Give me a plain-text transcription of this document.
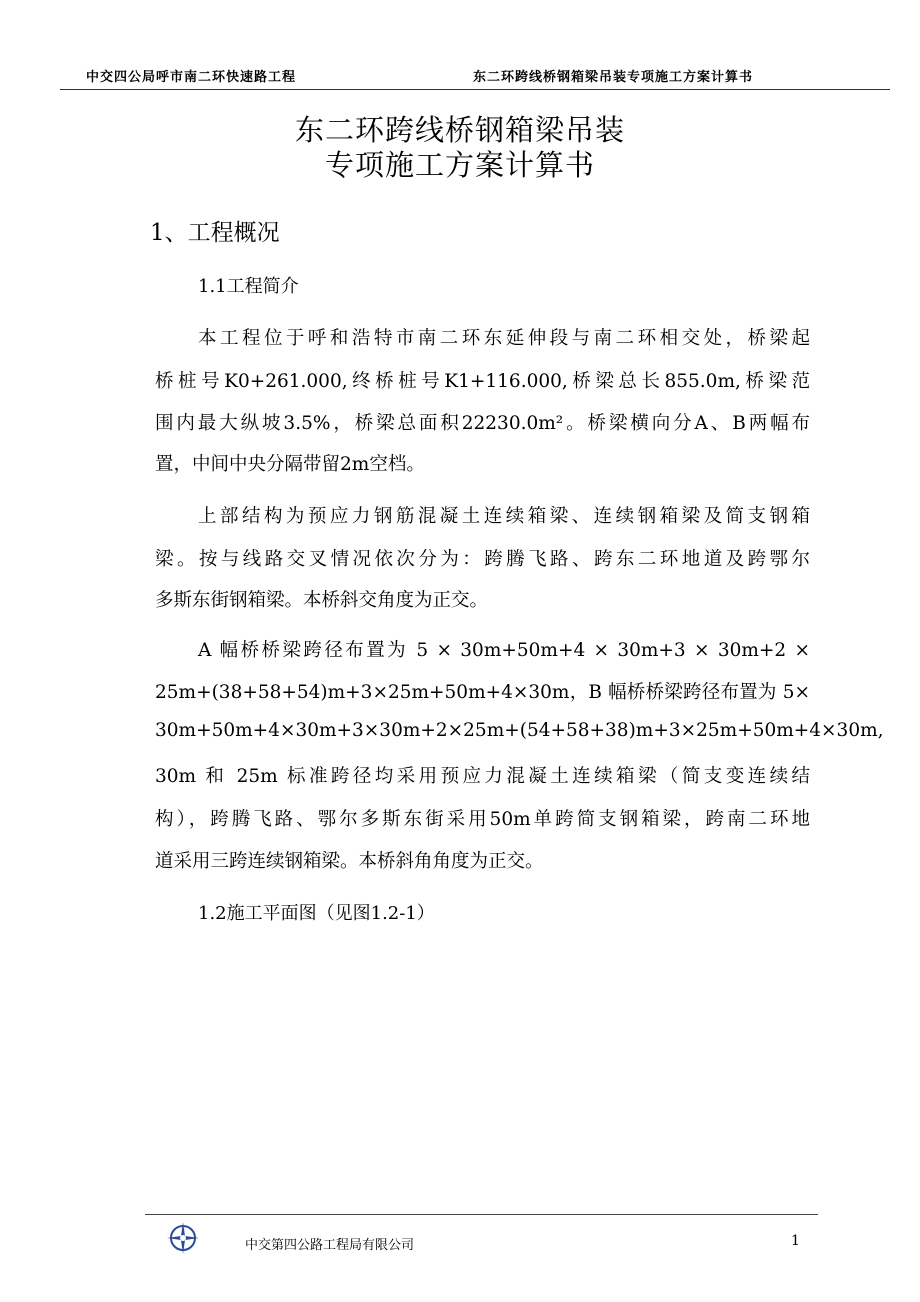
中交四公局呼市南二环快速路工程	东二环跨线桥钢箱梁吊装专项施工方案计算书
东二环跨线桥钢箱梁吊装
专项施工方案计算书
1、工程概况
1.1工程简介
本工程位于呼和浩特市南二环东延伸段与南二环相交处，桥梁起
桥桩号K0+261.000,终桥桩号K1+116.000,桥梁总长855.0m,桥梁范
围内最大纵坡3.5%，桥梁总面积22230.0m²。桥梁横向分A、B两幅布
置，中间中央分隔带留2m空档。
上部结构为预应力钢筋混凝土连续箱梁、连续钢箱梁及简支钢箱
梁。按与线路交叉情况依次分为：跨腾飞路、跨东二环地道及跨鄂尔
多斯东街钢箱梁。本桥斜交角度为正交。
A 幅桥桥梁跨径布置为 5 × 30m+50m+4 × 30m+3 × 30m+2 ×
25m+(38+58+54)m+3×25m+50m+4×30m，B 幅桥桥梁跨径布置为 5×
30m+50m+4×30m+3×30m+2×25m+(54+58+38)m+3×25m+50m+4×30m,
30m 和 25m 标准跨径均采用预应力混凝土连续箱梁（简支变连续结
构），跨腾飞路、鄂尔多斯东街采用50m单跨简支钢箱梁，跨南二环地
道采用三跨连续钢箱梁。本桥斜角角度为正交。
1.2施工平面图（见图1.2-1）
中交第四公路工程局有限公司	1
